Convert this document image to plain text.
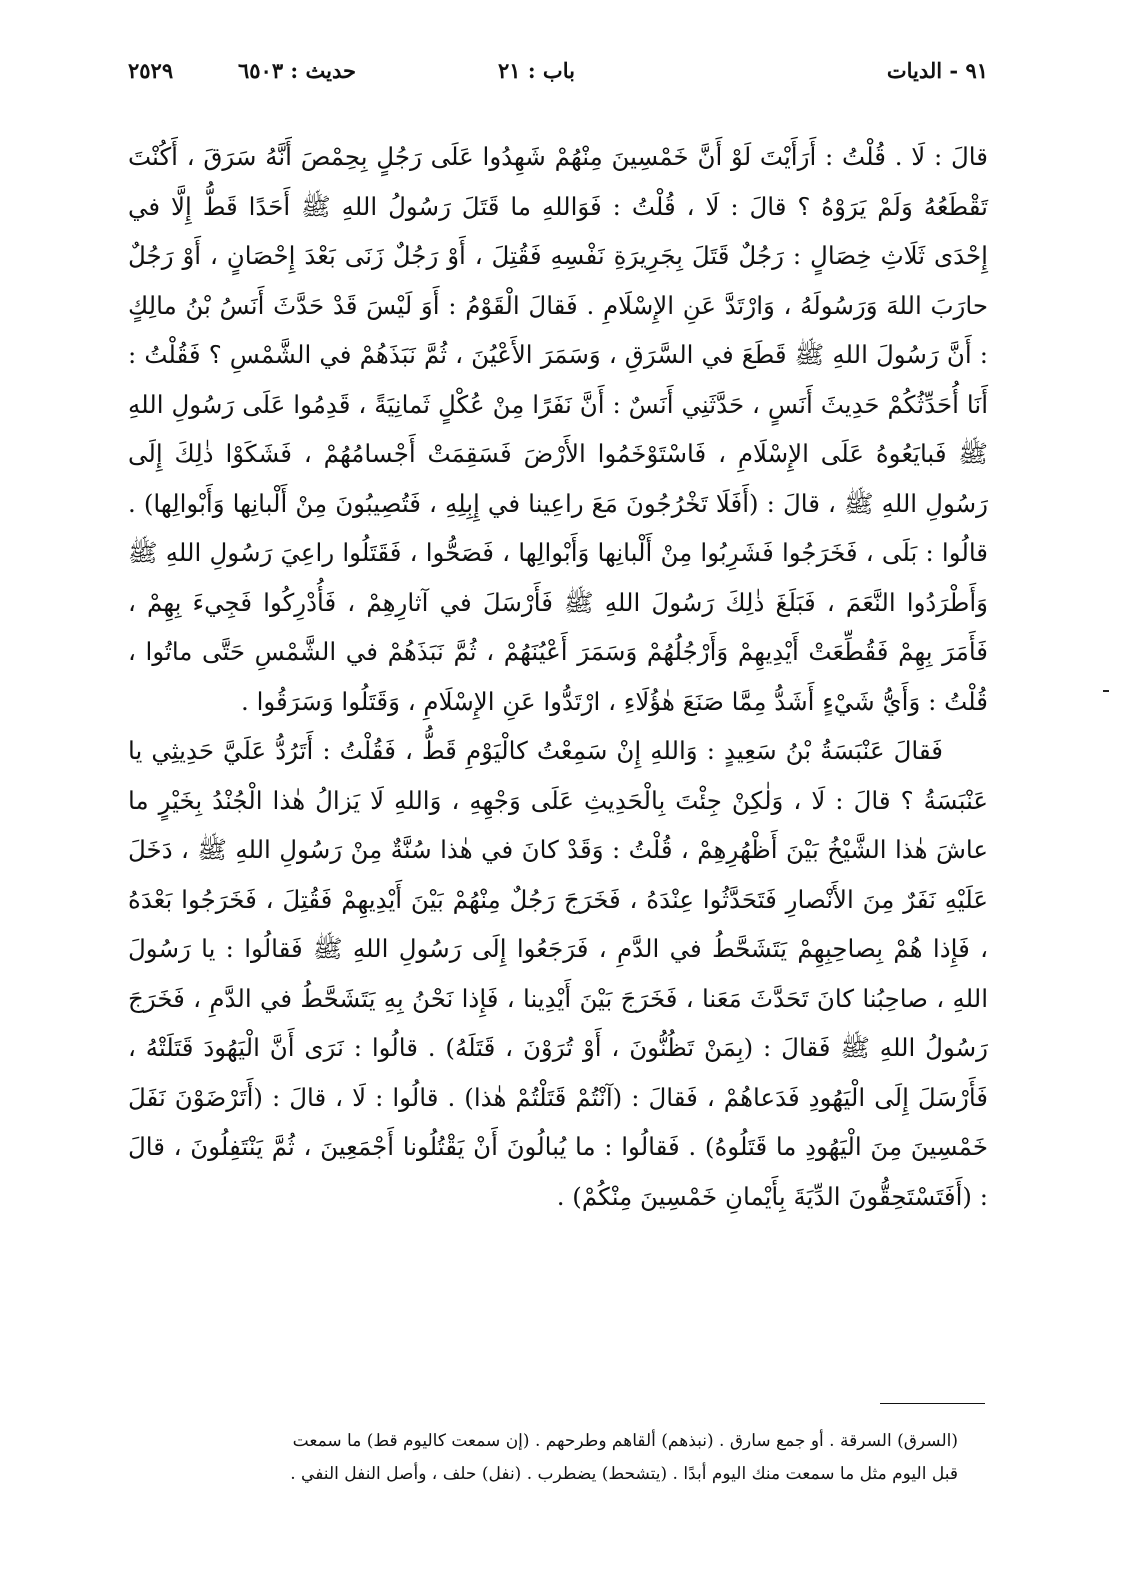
٩١ - الديات
باب : ٢١
حديث : ٦٥٠٣
٢٥٢٩

قالَ : لَا . قُلْتُ : أَرَأَيْتَ لَوْ أَنَّ خَمْسِينَ مِنْهُمْ شَهِدُوا عَلَى رَجُلٍ بِحِمْصَ أَنَّهُ سَرَقَ ، أَكُنْتَ تَقْطَعُهُ وَلَمْ يَرَوْهُ ؟ قالَ : لَا ، قُلْتُ : فَوَاللهِ ما قَتَلَ رَسُولُ اللهِ ﷺ أَحَدًا قَطُّ إِلَّا في إِحْدَى ثَلَاثِ خِصَالٍ : رَجُلٌ قَتَلَ بِجَرِيرَةِ نَفْسِهِ فَقُتِلَ ، أَوْ رَجُلٌ زَنَى بَعْدَ إِحْصَانٍ ، أَوْ رَجُلٌ حارَبَ اللهَ وَرَسُولَهُ ، وَارْتَدَّ عَنِ الإِسْلَامِ . فَقالَ الْقَوْمُ : أَوَ لَيْسَ قَدْ حَدَّثَ أَنَسُ بْنُ مالِكٍ : أَنَّ رَسُولَ اللهِ ﷺ قَطَعَ في السَّرَقِ ، وَسَمَرَ الأَعْيُنَ ، ثُمَّ نَبَذَهُمْ في الشَّمْسِ ؟ فَقُلْتُ : أَنَا أُحَدِّثُكُمْ حَدِيثَ أَنَسٍ ، حَدَّثَنِي أَنَسٌ : أَنَّ نَفَرًا مِنْ عُكْلٍ ثَمانِيَةً ، قَدِمُوا عَلَى رَسُولِ اللهِ ﷺ فَبايَعُوهُ عَلَى الإِسْلَامِ ، فَاسْتَوْخَمُوا الأَرْضَ فَسَقِمَتْ أَجْسامُهُمْ ، فَشَكَوْا ذٰلِكَ إِلَى رَسُولِ اللهِ ﷺ ، قالَ : (أَفَلَا تَخْرُجُونَ مَعَ راعِينا في إِبِلِهِ ، فَتُصِيبُونَ مِنْ أَلْبانِها وَأَبْوالِها) . قالُوا : بَلَى ، فَخَرَجُوا فَشَرِبُوا مِنْ أَلْبانِها وَأَبْوالِها ، فَصَحُّوا ، فَقَتَلُوا راعِيَ رَسُولِ اللهِ ﷺ وَأَطْرَدُوا النَّعَمَ ، فَبَلَغَ ذٰلِكَ رَسُولَ اللهِ ﷺ فَأَرْسَلَ في آثارِهِمْ ، فَأُدْرِكُوا فَجِيءَ بِهِمْ ، فَأَمَرَ بِهِمْ فَقُطِّعَتْ أَيْدِيهِمْ وَأَرْجُلُهُمْ وَسَمَرَ أَعْيُنَهُمْ ، ثُمَّ نَبَذَهُمْ في الشَّمْسِ حَتَّى ماتُوا ، قُلْتُ : وَأَيُّ شَيْءٍ أَشَدُّ مِمَّا صَنَعَ هٰؤُلَاءِ ، ارْتَدُّوا عَنِ الإِسْلَامِ ، وَقَتَلُوا وَسَرَقُوا .

فَقالَ عَنْبَسَةُ بْنُ سَعِيدٍ : وَاللهِ إِنْ سَمِعْتُ كالْيَوْمِ قَطُّ ، فَقُلْتُ : أَتَرُدُّ عَلَيَّ حَدِيثِي يا عَنْبَسَةُ ؟ قالَ : لَا ، وَلٰكِنْ جِئْتَ بِالْحَدِيثِ عَلَى وَجْهِهِ ، وَاللهِ لَا يَزالُ هٰذا الْجُنْدُ بِخَيْرٍ ما عاشَ هٰذا الشَّيْخُ بَيْنَ أَظْهُرِهِمْ ، قُلْتُ : وَقَدْ كانَ في هٰذا سُنَّةٌ مِنْ رَسُولِ اللهِ ﷺ ، دَخَلَ عَلَيْهِ نَفَرٌ مِنَ الأَنْصارِ فَتَحَدَّثُوا عِنْدَهُ ، فَخَرَجَ رَجُلٌ مِنْهُمْ بَيْنَ أَيْدِيهِمْ فَقُتِلَ ، فَخَرَجُوا بَعْدَهُ ، فَإِذا هُمْ بِصاحِبِهِمْ يَتَشَحَّطُ في الدَّمِ ، فَرَجَعُوا إِلَى رَسُولِ اللهِ ﷺ فَقالُوا : يا رَسُولَ اللهِ ، صاحِبُنا كانَ تَحَدَّثَ مَعَنا ، فَخَرَجَ بَيْنَ أَيْدِينا ، فَإِذا نَحْنُ بِهِ يَتَشَحَّطُ في الدَّمِ ، فَخَرَجَ رَسُولُ اللهِ ﷺ فَقالَ : (بِمَنْ تَظُنُّونَ ، أَوْ تُرَوْنَ ، قَتَلَهُ) . قالُوا : نَرَى أَنَّ الْيَهُودَ قَتَلَتْهُ ، فَأَرْسَلَ إِلَى الْيَهُودِ فَدَعاهُمْ ، فَقالَ : (آنْتُمْ قَتَلْتُمْ هٰذا) . قالُوا : لَا ، قالَ : (أَتَرْضَوْنَ نَفَلَ خَمْسِينَ مِنَ الْيَهُودِ ما قَتَلُوهُ) . فَقالُوا : ما يُبالُونَ أَنْ يَقْتُلُونا أَجْمَعِينَ ، ثُمَّ يَنْتَفِلُونَ ، قالَ : (أَفَتَسْتَحِقُّونَ الدِّيَةَ بِأَيْمانِ خَمْسِينَ مِنْكُمْ) .

(السرق) السرقة . أو جمع سارق . (نبذهم) ألقاهم وطرحهم . (إن سمعت كاليوم قط) ما سمعت

قبل اليوم مثل ما سمعت منك اليوم أبدًا . (يتشحط) يضطرب . (نفل) حلف ، وأصل النفل النفي .
